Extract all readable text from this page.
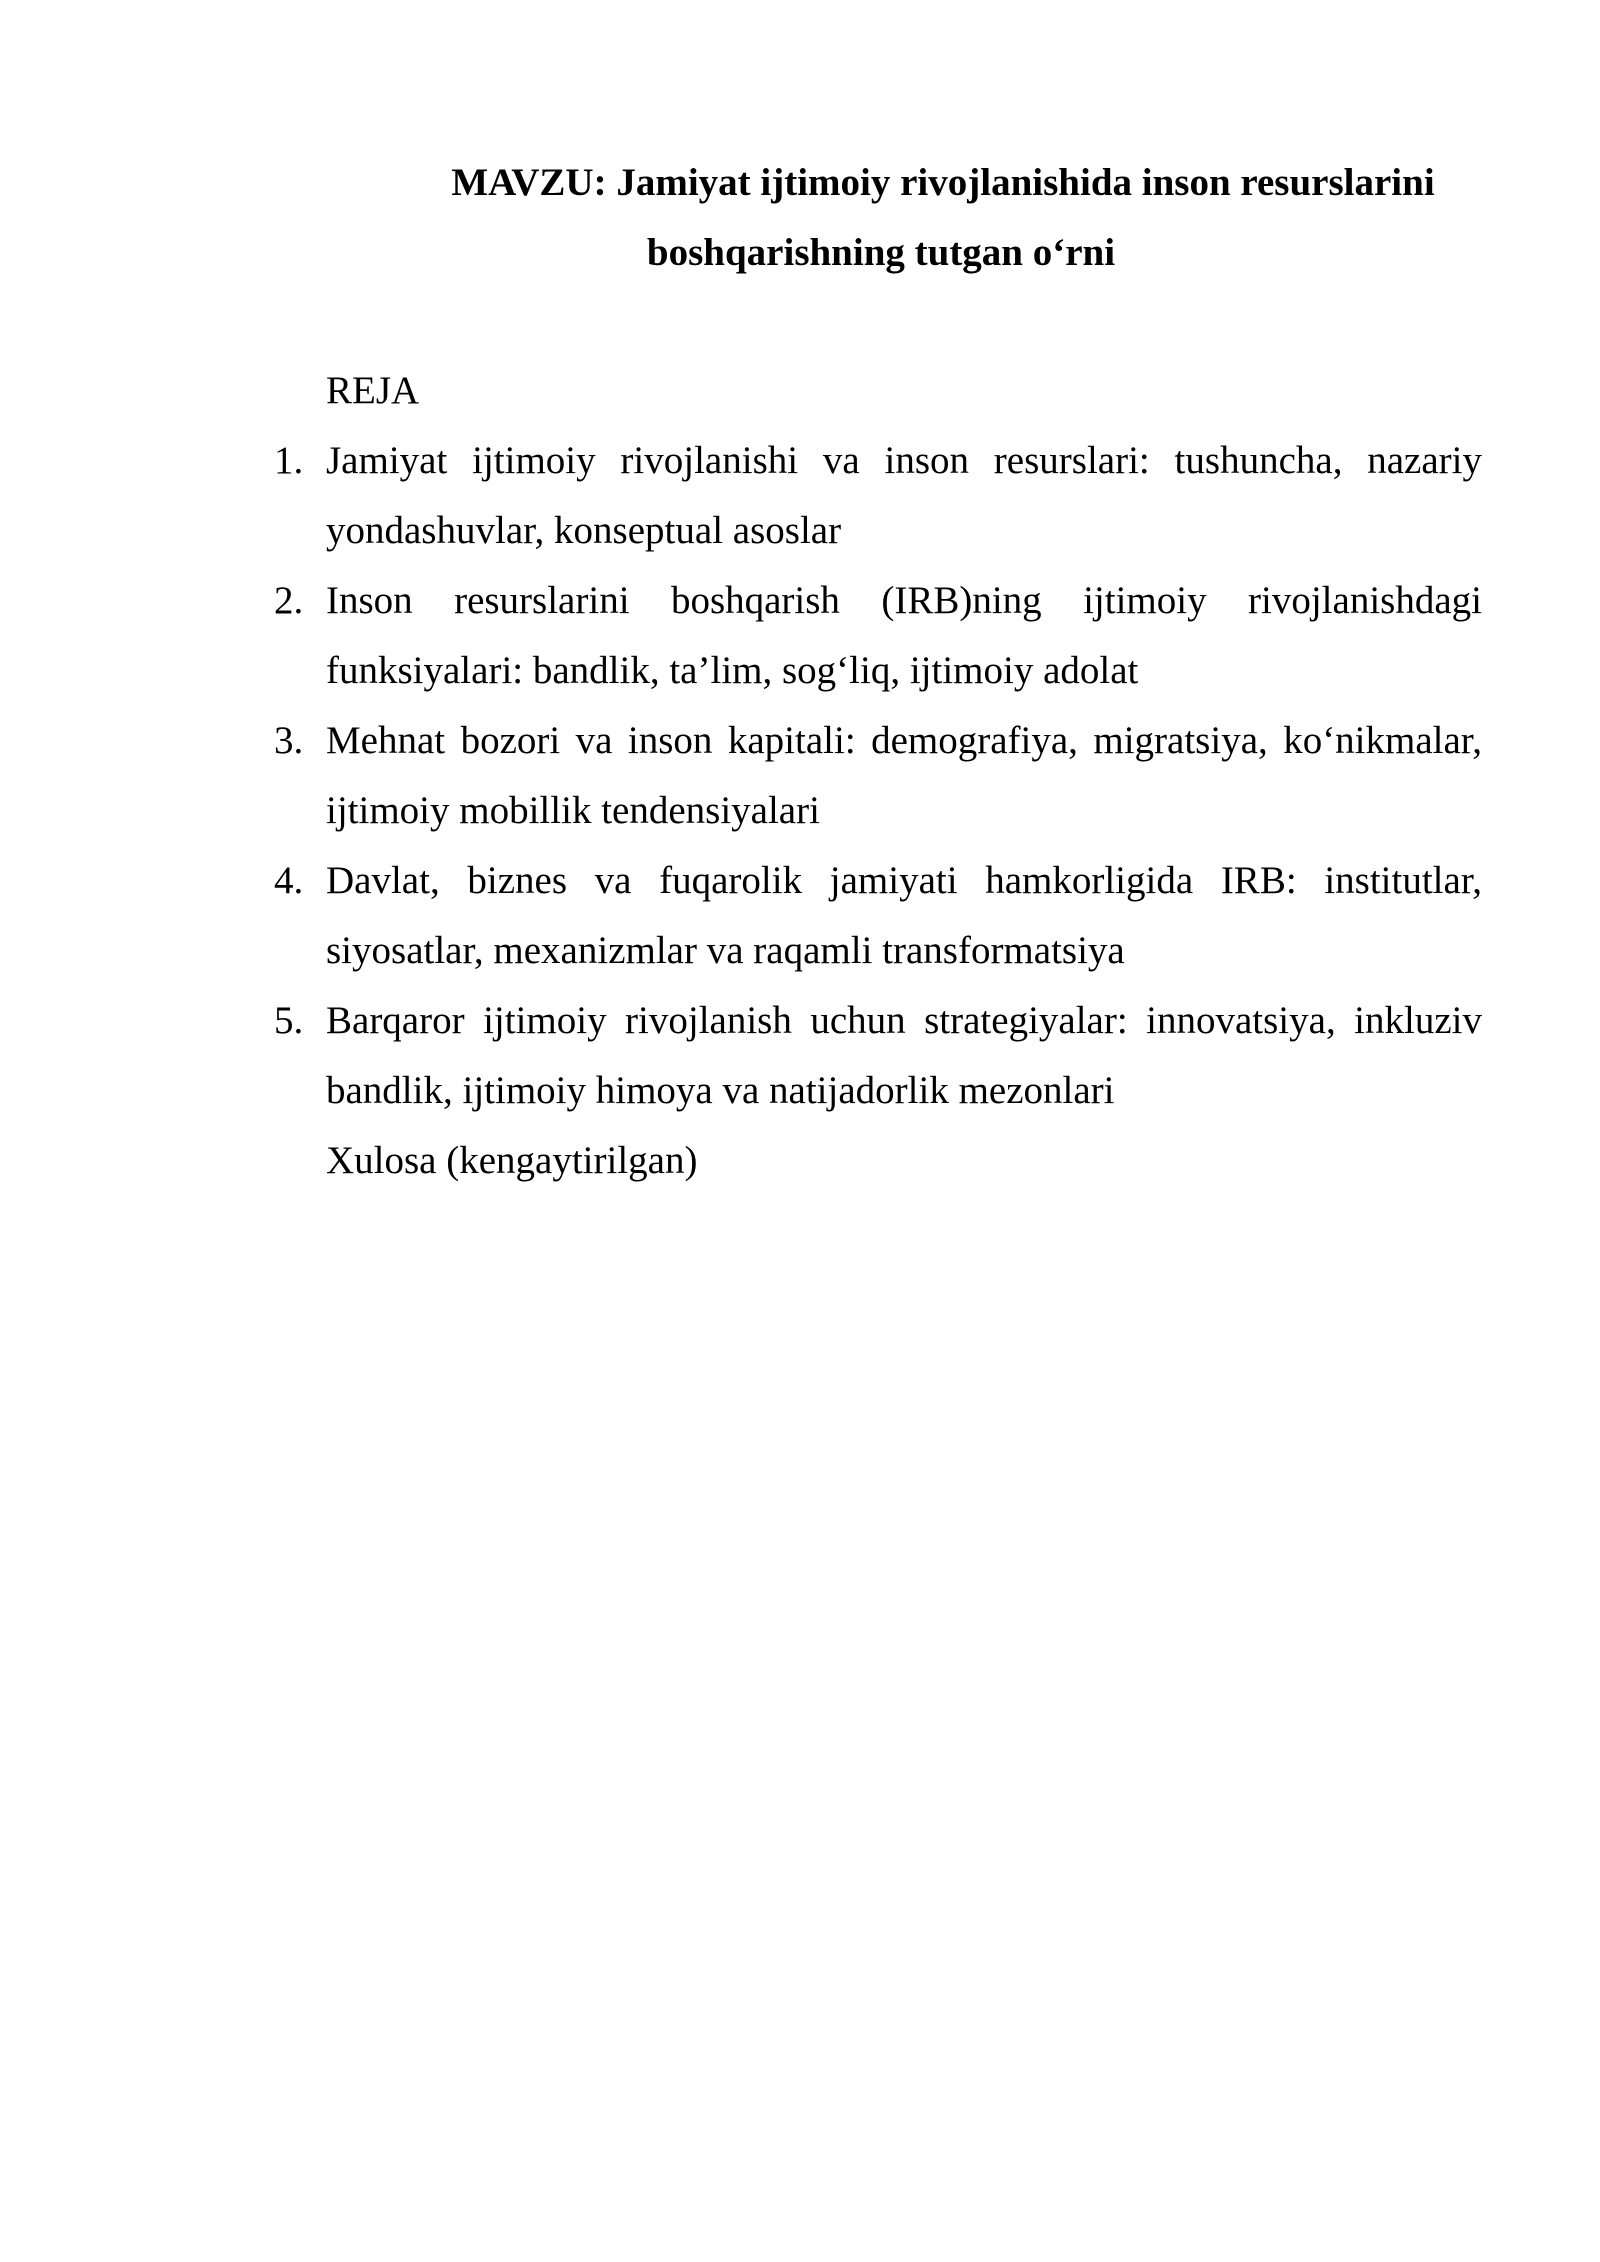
MAVZU: Jamiyat ijtimoiy rivojlanishida inson resurslarini boshqarishning tutgan o‘rni

REJA

1. Jamiyat ijtimoiy rivojlanishi va inson resurslari: tushuncha, nazariy yondashuvlar, konseptual asoslar
2. Inson resurslarini boshqarish (IRB)ning ijtimoiy rivojlanishdagi funksiyalari: bandlik, ta’lim, sog‘liq, ijtimoiy adolat
3. Mehnat bozori va inson kapitali: demografiya, migratsiya, ko‘nikmalar, ijtimoiy mobillik tendensiyalari
4. Davlat, biznes va fuqarolik jamiyati hamkorligida IRB: institutlar, siyosatlar, mexanizmlar va raqamli transformatsiya
5. Barqaror ijtimoiy rivojlanish uchun strategiyalar: innovatsiya, inkluziv bandlik, ijtimoiy himoya va natijadorlik mezonlari

Xulosa (kengaytirilgan)
